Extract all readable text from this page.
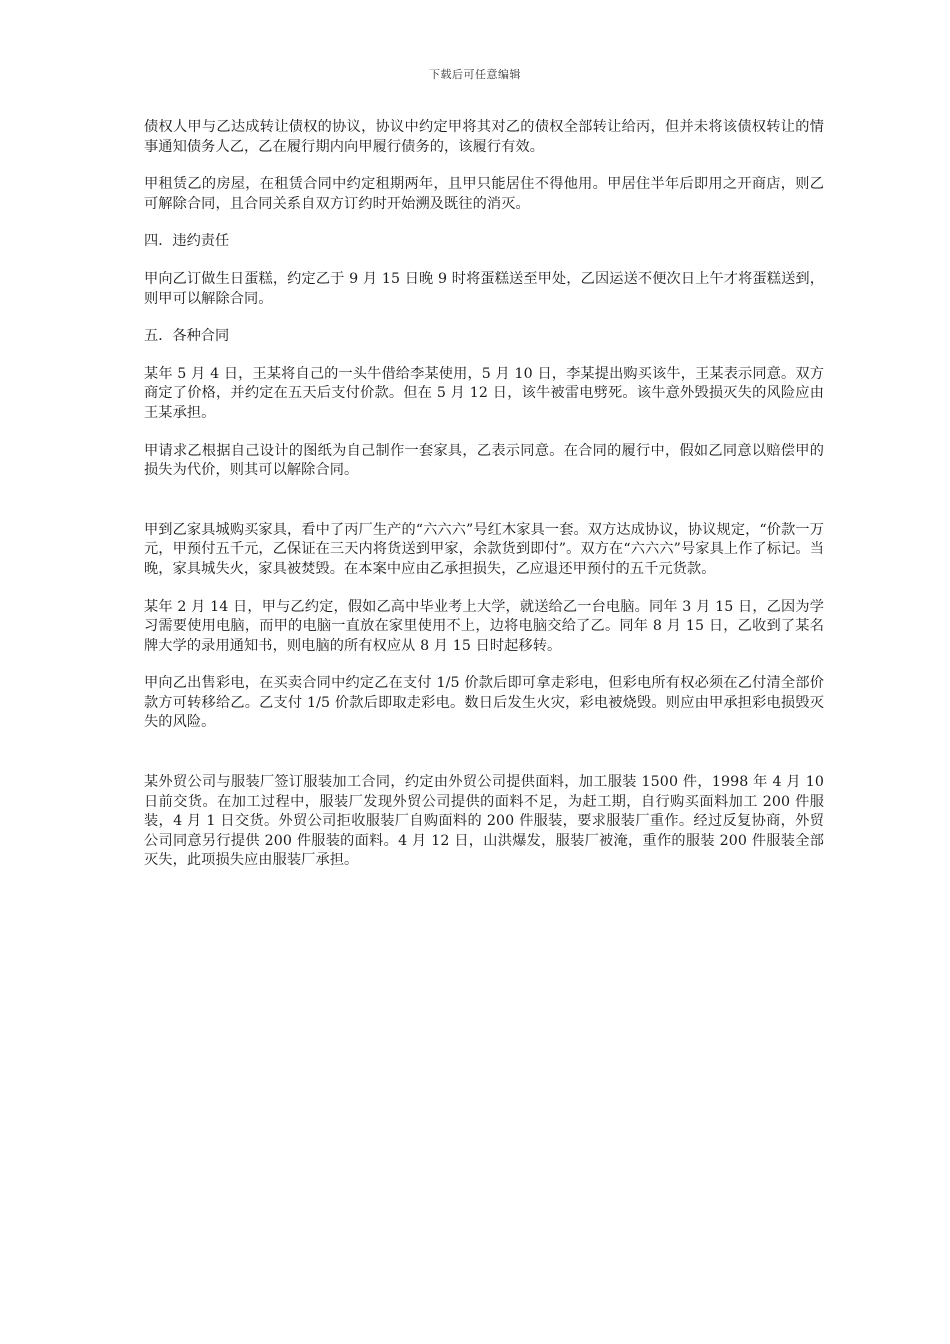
下载后可任意编辑

债权人甲与乙达成转让债权的协议，协议中约定甲将其对乙的债权全部转让给丙，但并未将该债权转让的情事通知债务人乙，乙在履行期内向甲履行债务的，该履行有效。

甲租赁乙的房屋，在租赁合同中约定租期两年，且甲只能居住不得他用。甲居住半年后即用之开商店，则乙可解除合同，且合同关系自双方订约时开始溯及既往的消灭。

四．违约责任

甲向乙订做生日蛋糕，约定乙于 9 月 15 日晚 9 时将蛋糕送至甲处，乙因运送不便次日上午才将蛋糕送到，则甲可以解除合同。

五．各种合同

某年 5 月 4 日，王某将自己的一头牛借给李某使用，5 月 10 日，李某提出购买该牛，王某表示同意。双方商定了价格，并约定在五天后支付价款。但在 5 月 12 日，该牛被雷电劈死。该牛意外毁损灭失的风险应由王某承担。

甲请求乙根据自己设计的图纸为自己制作一套家具，乙表示同意。在合同的履行中，假如乙同意以赔偿甲的损失为代价，则其可以解除合同。

甲到乙家具城购买家具，看中了丙厂生产的“六六六”号红木家具一套。双方达成协议，协议规定，“价款一万元，甲预付五千元，乙保证在三天内将货送到甲家，余款货到即付”。双方在“六六六”号家具上作了标记。当晚，家具城失火，家具被焚毁。在本案中应由乙承担损失，乙应退还甲预付的五千元货款。

某年 2 月 14 日，甲与乙约定，假如乙高中毕业考上大学，就送给乙一台电脑。同年 3 月 15 日，乙因为学习需要使用电脑，而甲的电脑一直放在家里使用不上，边将电脑交给了乙。同年 8 月 15 日，乙收到了某名牌大学的录用通知书，则电脑的所有权应从 8 月 15 日时起移转。

甲向乙出售彩电，在买卖合同中约定乙在支付 1/5 价款后即可拿走彩电，但彩电所有权必须在乙付清全部价款方可转移给乙。乙支付 1/5 价款后即取走彩电。数日后发生火灾，彩电被烧毁。则应由甲承担彩电损毁灭失的风险。

某外贸公司与服装厂签订服装加工合同，约定由外贸公司提供面料，加工服装 1500 件，1998 年 4 月 10 日前交货。在加工过程中，服装厂发现外贸公司提供的面料不足，为赶工期，自行购买面料加工 200 件服装，4 月 1 日交货。外贸公司拒收服装厂自购面料的 200 件服装，要求服装厂重作。经过反复协商，外贸公司同意另行提供 200 件服装的面料。4 月 12 日，山洪爆发，服装厂被淹，重作的服装 200 件服装全部灭失，此项损失应由服装厂承担。
